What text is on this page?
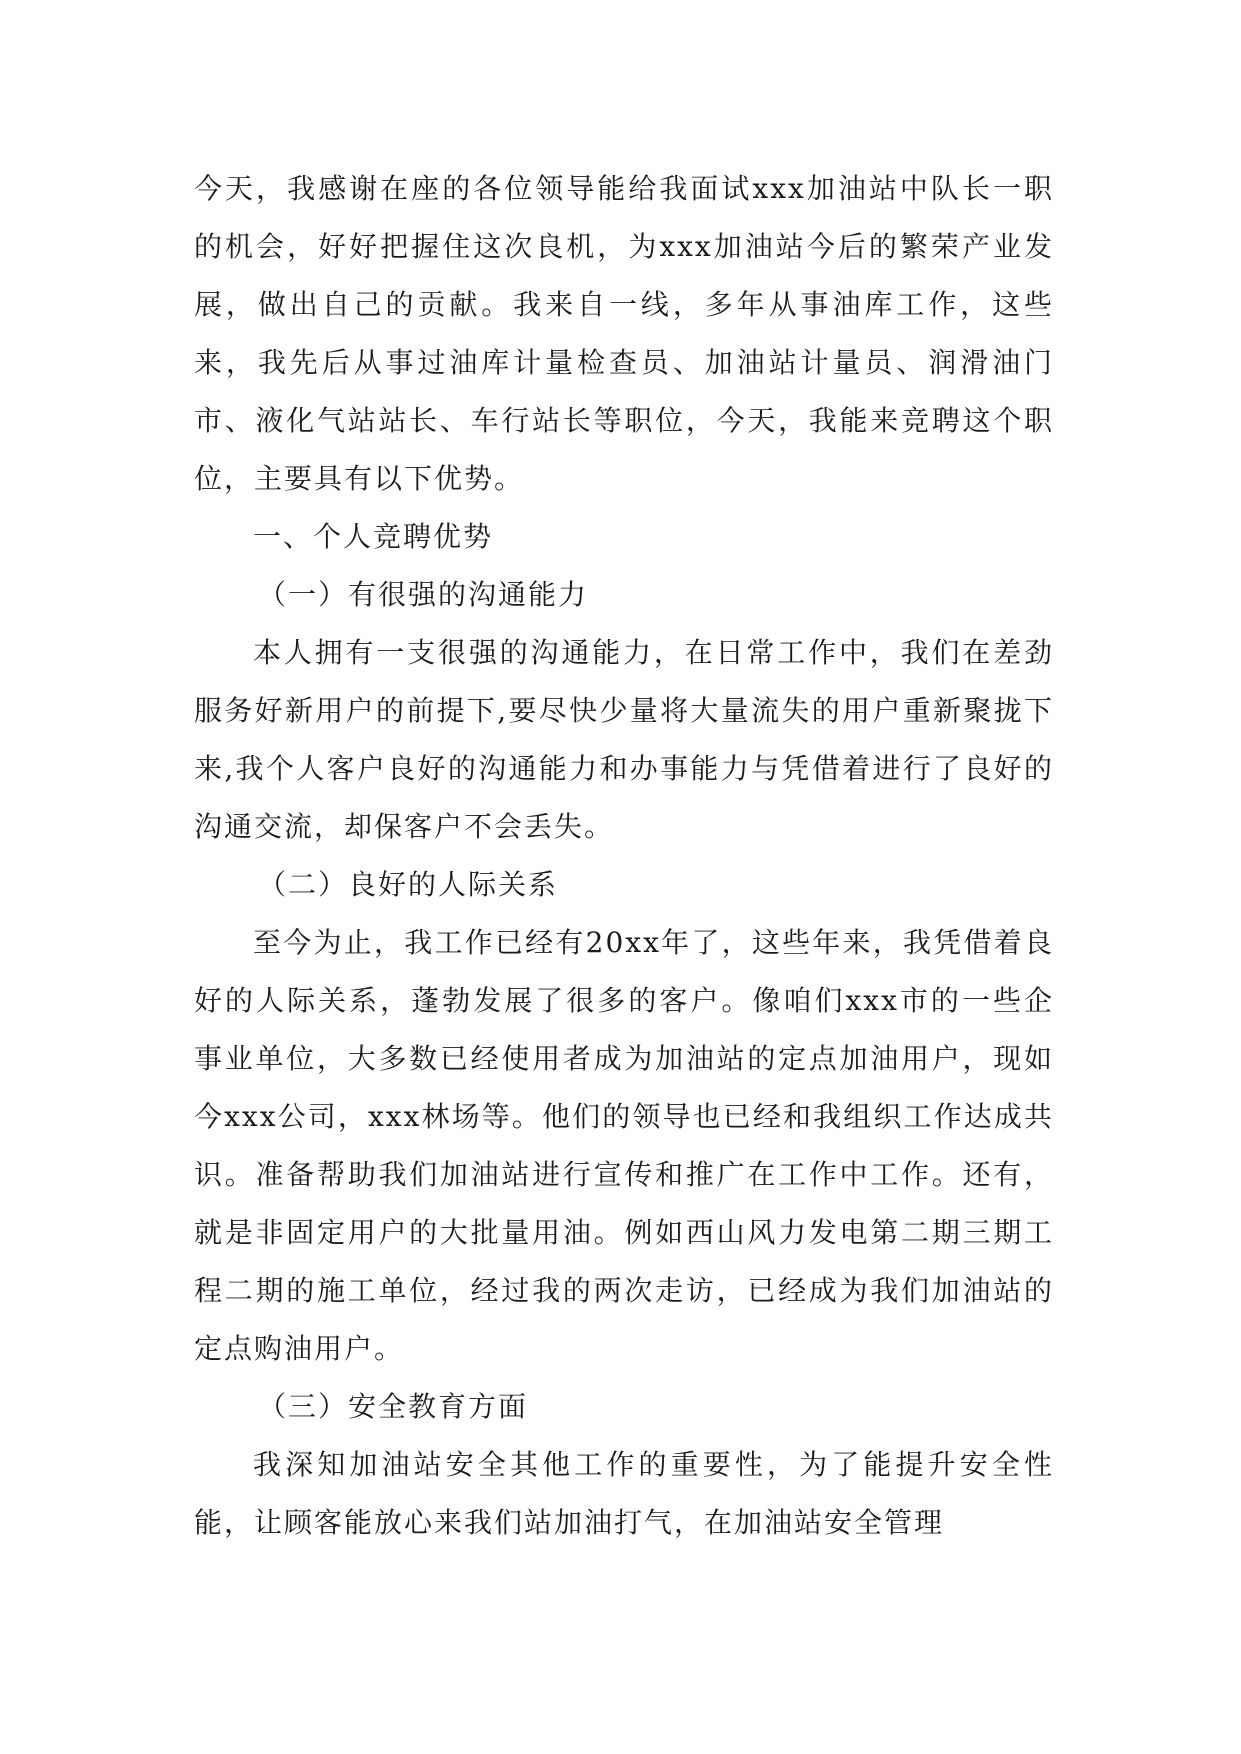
今天，我感谢在座的各位领导能给我面试xxx加油站中队长一职的机会，好好把握住这次良机，为xxx加油站今后的繁荣产业发展，做出自己的贡献。我来自一线，多年从事油库工作，这些来，我先后从事过油库计量检查员、加油站计量员、润滑油门市、液化气站站长、车行站长等职位，今天，我能来竞聘这个职位，主要具有以下优势。

一、个人竞聘优势

（一）有很强的沟通能力

本人拥有一支很强的沟通能力，在日常工作中，我们在差劲服务好新用户的前提下,要尽快少量将大量流失的用户重新聚拢下来,我个人客户良好的沟通能力和办事能力与凭借着进行了良好的沟通交流，却保客户不会丢失。

（二）良好的人际关系

至今为止，我工作已经有20xx年了，这些年来，我凭借着良好的人际关系，蓬勃发展了很多的客户。像咱们xxx市的一些企事业单位，大多数已经使用者成为加油站的定点加油用户，现如今xxx公司，xxx林场等。他们的领导也已经和我组织工作达成共识。准备帮助我们加油站进行宣传和推广在工作中工作。还有，就是非固定用户的大批量用油。例如西山风力发电第二期三期工程二期的施工单位，经过我的两次走访，已经成为我们加油站的定点购油用户。

（三）安全教育方面

我深知加油站安全其他工作的重要性，为了能提升安全性能，让顾客能放心来我们站加油打气，在加油站安全管理
